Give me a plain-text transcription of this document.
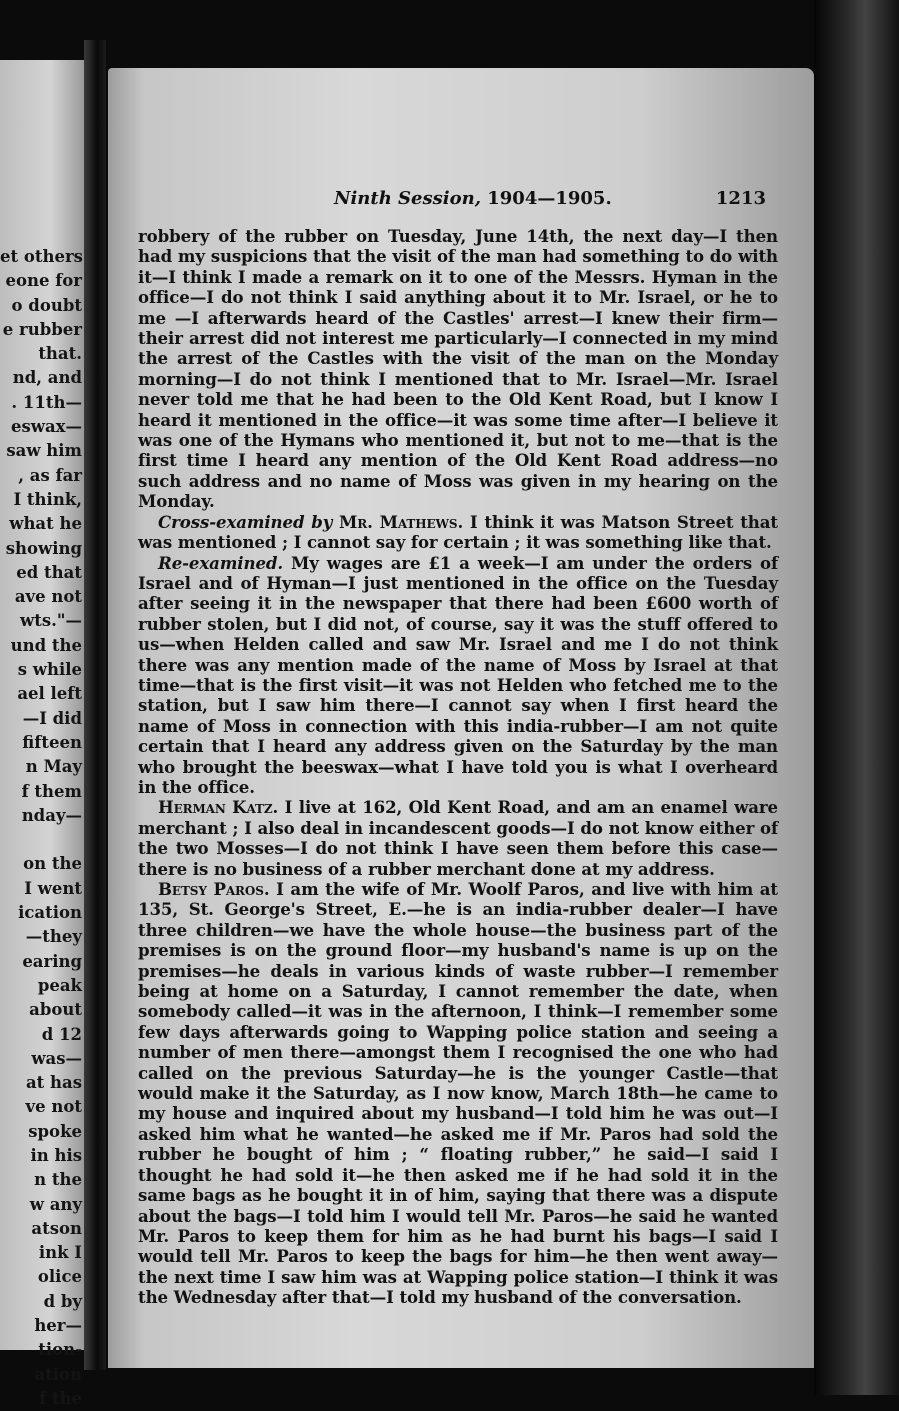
et others
eone for
o doubt
e rubber
that.
nd, and
. 11th—
eswax—
saw him
, as far
I think,
what he
showing
ed that
ave not
wts."—
und the
s while
ael left
—I did
fifteen
n May
f them
nday—

on the
I went
ication
—they
earing
peak
about
d 12
was—
at has
ve not
spoke
in his
n the
w any
atson
ink I
olice
d by
her—
tion-
ation
f the
Ninth Session, 1904—1905.	1213

robbery of the rubber on Tuesday, June 14th, the next day—I then had my suspicions that the visit of the man had something to do with it—I think I made a remark on it to one of the Messrs. Hyman in the office—I do not think I said anything about it to Mr. Israel, or he to me —I afterwards heard of the Castles' arrest—I knew their firm—their arrest did not interest me particularly—I connected in my mind the arrest of the Castles with the visit of the man on the Monday morning—I do not think I mentioned that to Mr. Israel—Mr. Israel never told me that he had been to the Old Kent Road, but I know I heard it mentioned in the office—it was some time after—I believe it was one of the Hymans who mentioned it, but not to me—that is the first time I heard any mention of the Old Kent Road address—no such address and no name of Moss was given in my hearing on the Monday.

Cross-examined by Mr. Mathews. I think it was Matson Street that was mentioned ; I cannot say for certain ; it was something like that.

Re-examined. My wages are £1 a week—I am under the orders of Israel and of Hyman—I just mentioned in the office on the Tuesday after seeing it in the newspaper that there had been £600 worth of rubber stolen, but I did not, of course, say it was the stuff offered to us—when Helden called and saw Mr. Israel and me I do not think there was any mention made of the name of Moss by Israel at that time—that is the first visit—it was not Helden who fetched me to the station, but I saw him there—I cannot say when I first heard the name of Moss in connection with this india-rubber—I am not quite certain that I heard any address given on the Saturday by the man who brought the beeswax—what I have told you is what I overheard in the office.

Herman Katz. I live at 162, Old Kent Road, and am an enamel ware merchant ; I also deal in incandescent goods—I do not know either of the two Mosses—I do not think I have seen them before this case—there is no business of a rubber merchant done at my address.

Betsy Paros. I am the wife of Mr. Woolf Paros, and live with him at 135, St. George's Street, E.—he is an india-rubber dealer—I have three children—we have the whole house—the business part of the premises is on the ground floor—my husband's name is up on the premises—he deals in various kinds of waste rubber—I remember being at home on a Saturday, I cannot remember the date, when somebody called—it was in the afternoon, I think—I remember some few days afterwards going to Wapping police station and seeing a number of men there—amongst them I recognised the one who had called on the previous Saturday—he is the younger Castle—that would make it the Saturday, as I now know, March 18th—he came to my house and inquired about my husband—I told him he was out—I asked him what he wanted—he asked me if Mr. Paros had sold the rubber he bought of him ; “ floating rubber,” he said—I said I thought he had sold it—he then asked me if he had sold it in the same bags as he bought it in of him, saying that there was a dispute about the bags—I told him I would tell Mr. Paros—he said he wanted Mr. Paros to keep them for him as he had burnt his bags—I said I would tell Mr. Paros to keep the bags for him—he then went away—the next time I saw him was at Wapping police station—I think it was the Wednesday after that—I told my husband of the conversation.
